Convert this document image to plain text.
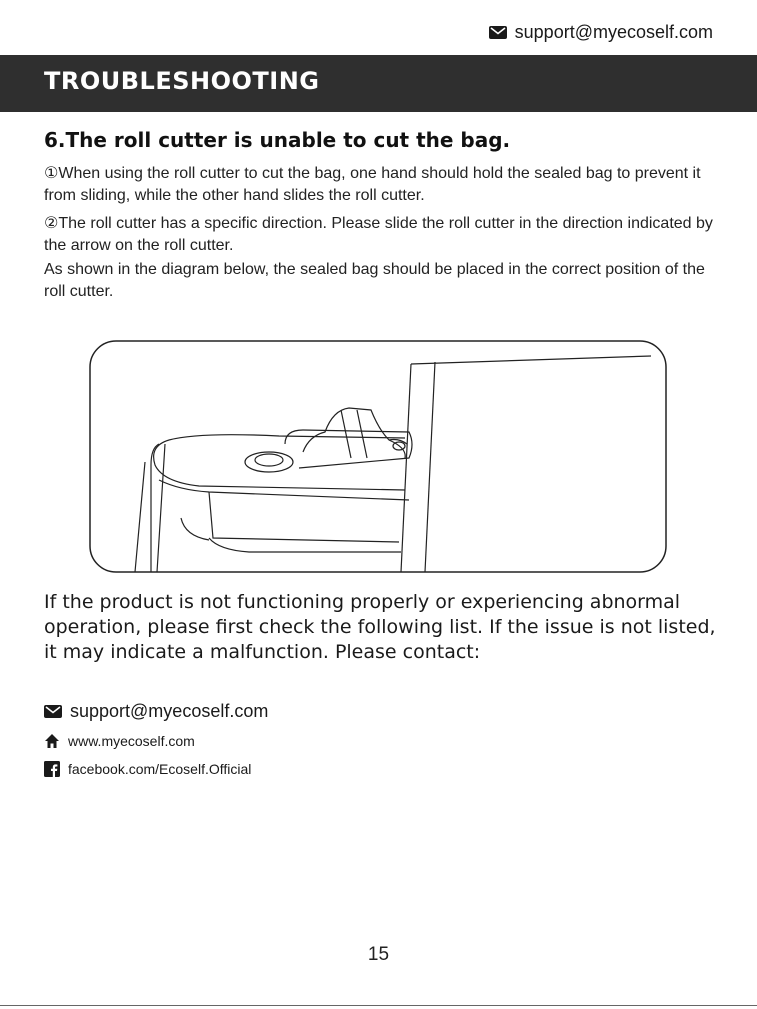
support@myecoself.com
TROUBLESHOOTING
6.The roll cutter is unable to cut the bag.
①When using the roll cutter to cut the bag, one hand should hold the sealed bag to prevent it from sliding, while the other hand slides the roll cutter.
②The roll cutter has a specific direction. Please slide the roll cutter in the direction indicated by the arrow on the roll cutter.
As shown in the diagram below, the sealed bag should be placed in the correct position of the roll cutter.
If the product is not functioning properly or experiencing abnormal operation, please first check the following list. If the issue is not listed, it may indicate a malfunction. Please contact:
support@myecoself.com
www.myecoself.com
facebook.com/Ecoself.Official
15
